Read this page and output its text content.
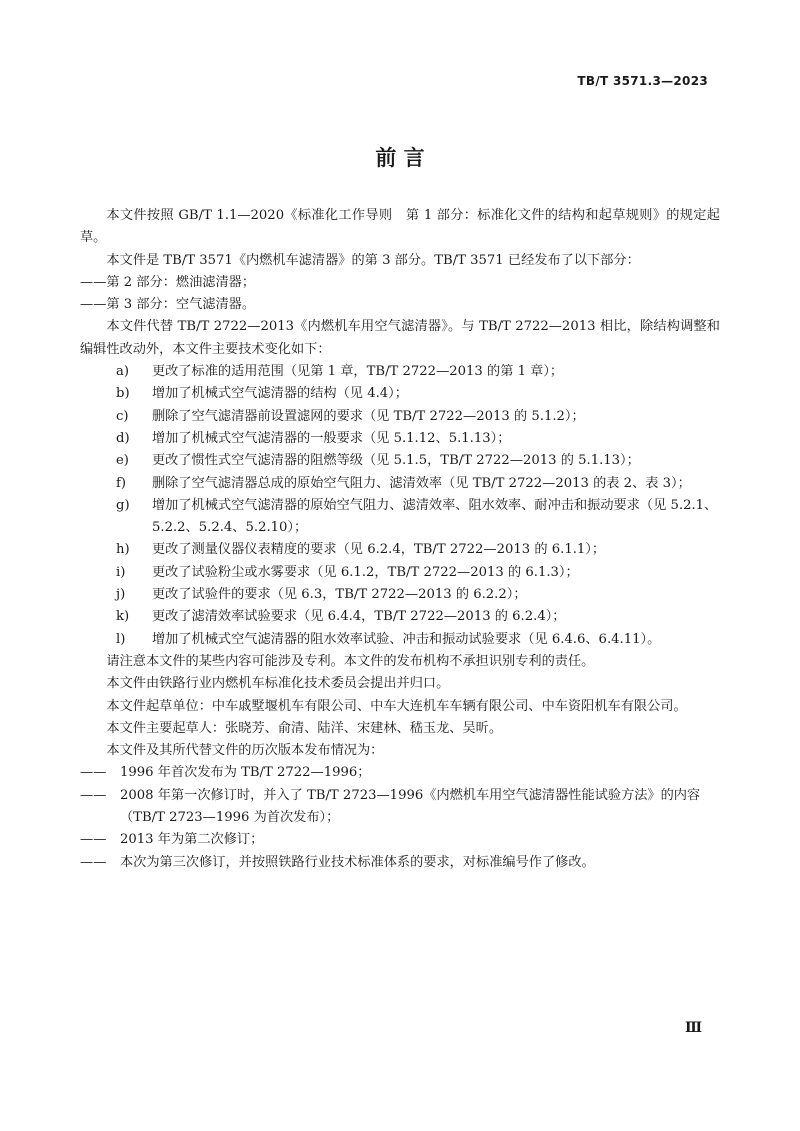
TB/T 3571.3—2023
前 言

本文件按照 GB/T 1.1—2020《标准化工作导则　第 1 部分：标准化文件的结构和起草规则》的规定起草。

本文件是 TB/T 3571《内燃机车滤清器》的第 3 部分。TB/T 3571 已经发布了以下部分：

——第 2 部分：燃油滤清器；

——第 3 部分：空气滤清器。

本文件代替 TB/T 2722—2013《内燃机车用空气滤清器》。与 TB/T 2722—2013 相比，除结构调整和编辑性改动外，本文件主要技术变化如下：

a)	更改了标准的适用范围（见第 1 章，TB/T 2722—2013 的第 1 章）；
b)	增加了机械式空气滤清器的结构（见 4.4）；
c)	删除了空气滤清器前设置滤网的要求（见 TB/T 2722—2013 的 5.1.2）；
d)	增加了机械式空气滤清器的一般要求（见 5.1.12、5.1.13）；
e)	更改了惯性式空气滤清器的阻燃等级（见 5.1.5，TB/T 2722—2013 的 5.1.13）；
f)	删除了空气滤清器总成的原始空气阻力、滤清效率（见 TB/T 2722—2013 的表 2、表 3）；
g)	增加了机械式空气滤清器的原始空气阻力、滤清效率、阻水效率、耐冲击和振动要求（见 5.2.1、5.2.2、5.2.4、5.2.10）；
h)	更改了测量仪器仪表精度的要求（见 6.2.4，TB/T 2722—2013 的 6.1.1）；
i)	更改了试验粉尘或水雾要求（见 6.1.2，TB/T 2722—2013 的 6.1.3）；
j)	更改了试验件的要求（见 6.3，TB/T 2722—2013 的 6.2.2）；
k)	更改了滤清效率试验要求（见 6.4.4，TB/T 2722—2013 的 6.2.4）；
l)	增加了机械式空气滤清器的阻水效率试验、冲击和振动试验要求（见 6.4.6、6.4.11）。

请注意本文件的某些内容可能涉及专利。本文件的发布机构不承担识别专利的责任。

本文件由铁路行业内燃机车标准化技术委员会提出并归口。

本文件起草单位：中车戚墅堰机车有限公司、中车大连机车车辆有限公司、中车资阳机车有限公司。

本文件主要起草人：张晓芳、俞清、陆洋、宋建林、嵇玉龙、吴昕。

本文件及其所代替文件的历次版本发布情况为：

——	1996 年首次发布为 TB/T 2722—1996；
——	2008 年第一次修订时，并入了 TB/T 2723—1996《内燃机车用空气滤清器性能试验方法》的内容（TB/T 2723—1996 为首次发布）；
——	2013 年为第二次修订；
——	本次为第三次修订，并按照铁路行业技术标准体系的要求，对标准编号作了修改。
Ⅲ
